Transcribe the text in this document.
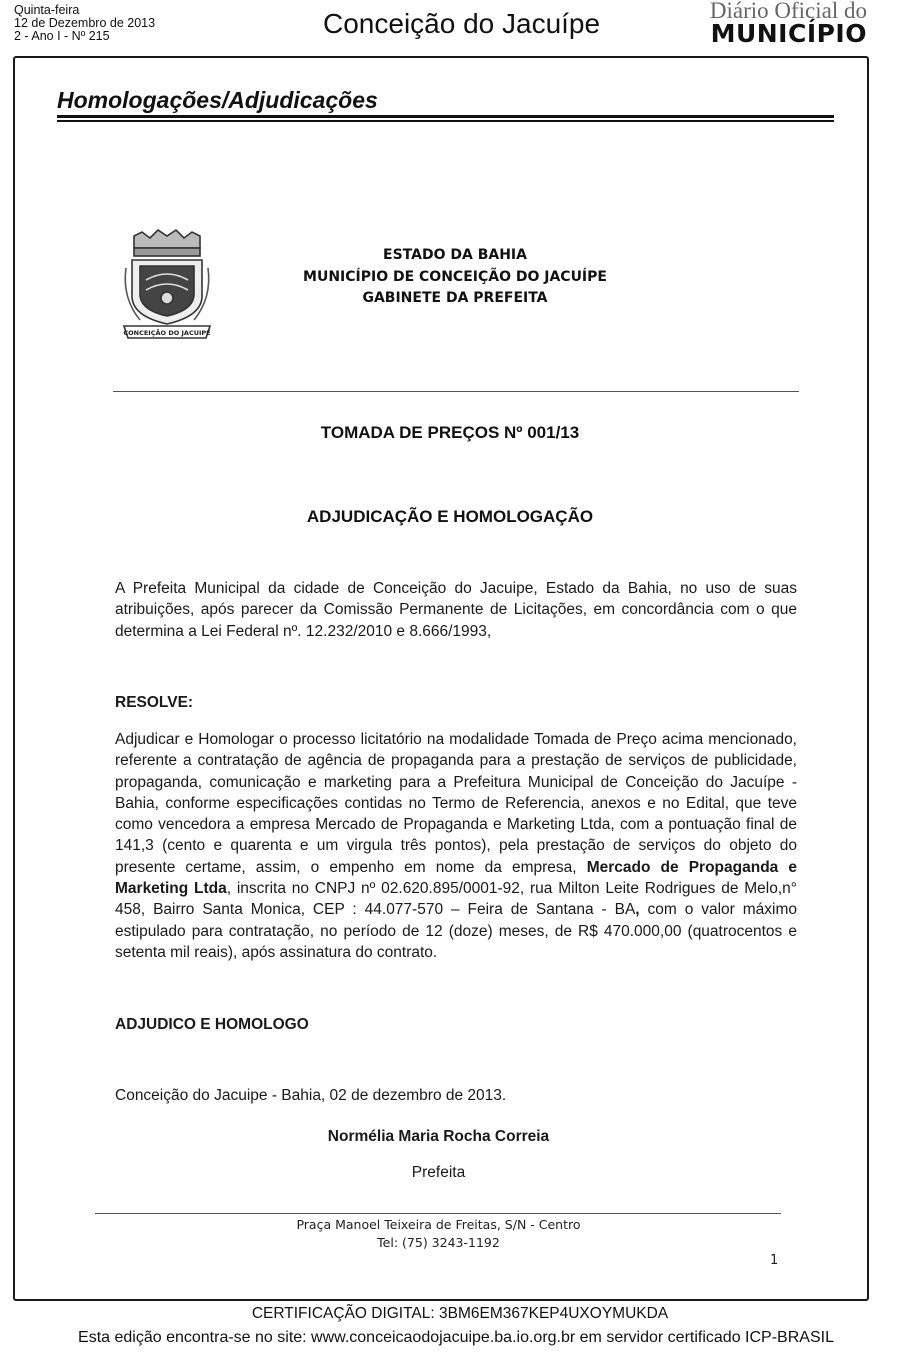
Quinta-feira
12 de Dezembro de 2013
2 - Ano I - Nº 215	Conceição do Jacuípe	Diário Oficial do
MUNICÍPIO
Homologações/Adjudicações
CONCEIÇÃO DO JACUIPE
ESTADO DA BAHIA
MUNICÍPIO DE CONCEIÇÃO DO JACUÍPE
GABINETE DA PREFEITA
TOMADA DE PREÇOS Nº 001/13
ADJUDICAÇÃO E HOMOLOGAÇÃO
A Prefeita Municipal da cidade de Conceição do Jacuipe, Estado da Bahia, no uso de suas atribuições, após parecer da Comissão Permanente de Licitações, em concordância com o que determina a Lei Federal nº. 12.232/2010 e 8.666/1993,
RESOLVE:
Adjudicar e Homologar o processo licitatório na modalidade Tomada de Preço acima mencionado, referente a contratação de agência de propaganda para a prestação de serviços de publicidade, propaganda, comunicação e marketing para a Prefeitura Municipal de Conceição do Jacuípe - Bahia, conforme especificações contidas no Termo de Referencia, anexos e no Edital, que teve como vencedora a empresa Mercado de Propaganda e Marketing Ltda, com a pontuação final de 141,3 (cento e quarenta e um virgula três pontos), pela prestação de serviços do objeto do presente certame, assim, o empenho em nome da empresa, Mercado de Propaganda e Marketing Ltda, inscrita no CNPJ nº 02.620.895/0001-92, rua Milton Leite Rodrigues de Melo,n° 458, Bairro Santa Monica, CEP : 44.077-570 – Feira de Santana - BA, com o valor máximo estipulado para contratação, no período de 12 (doze) meses, de R$ 470.000,00 (quatrocentos e setenta mil reais), após assinatura do contrato.
ADJUDICO E HOMOLOGO
Conceição do Jacuipe - Bahia, 02 de dezembro de 2013.
Normélia Maria Rocha Correia
Prefeita
Praça Manoel Teixeira de Freitas, S/N - Centro
Tel: (75) 3243-1192
1
CERTIFICAÇÃO DIGITAL: 3BM6EM367KEP4UXOYMUKDA
Esta edição encontra-se no site: www.conceicaodojacuipe.ba.io.org.br em servidor certificado ICP-BRASIL
